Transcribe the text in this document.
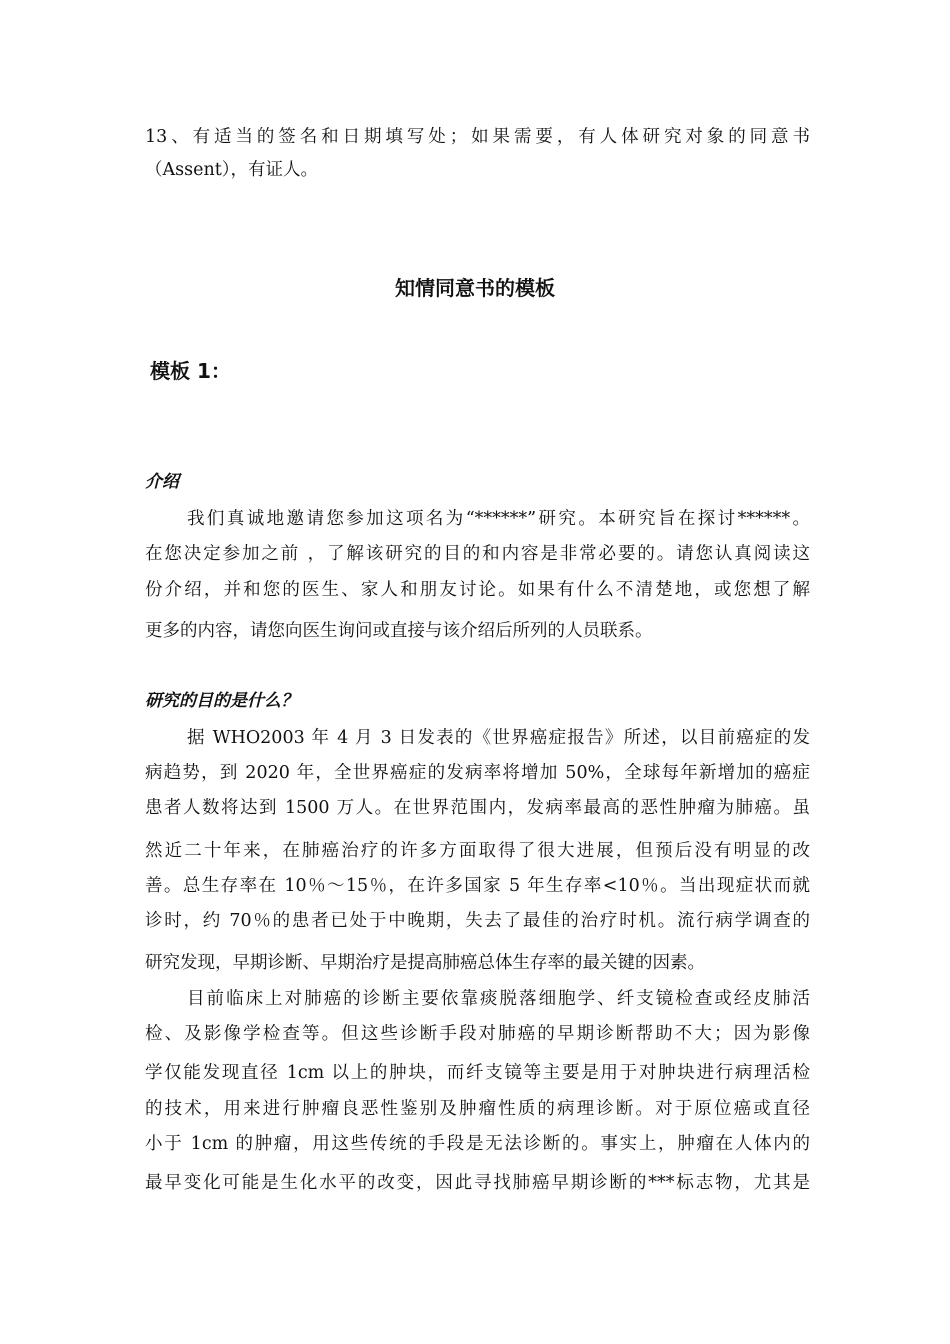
13、有适当的签名和日期填写处；如果需要，有人体研究对象的同意书
（Assent），有证人。
知情同意书的模板
模板 1：
介绍
我们真诚地邀请您参加这项名为“******”研究。本研究旨在探讨******。
在您决定参加之前 ，了解该研究的目的和内容是非常必要的。请您认真阅读这
份介绍，并和您的医生、家人和朋友讨论。如果有什么不清楚地，或您想了解
更多的内容，请您向医生询问或直接与该介绍后所列的人员联系。
研究的目的是什么？
据 WHO2003 年 4 月 3 日发表的《世界癌症报告》所述，以目前癌症的发
病趋势，到 2020 年，全世界癌症的发病率将增加 50%，全球每年新增加的癌症
患者人数将达到 1500 万人。在世界范围内，发病率最高的恶性肿瘤为肺癌。虽
然近二十年来，在肺癌治疗的许多方面取得了很大进展，但预后没有明显的改
善。总生存率在 10％～15％，在许多国家 5 年生存率<10％。当出现症状而就
诊时，约 70％的患者已处于中晚期，失去了最佳的治疗时机。流行病学调查的
研究发现，早期诊断、早期治疗是提高肺癌总体生存率的最关键的因素。
目前临床上对肺癌的诊断主要依靠痰脱落细胞学、纤支镜检查或经皮肺活
检、及影像学检查等。但这些诊断手段对肺癌的早期诊断帮助不大；因为影像
学仅能发现直径 1cm 以上的肿块，而纤支镜等主要是用于对肿块进行病理活检
的技术，用来进行肿瘤良恶性鉴别及肿瘤性质的病理诊断。对于原位癌或直径
小于 1cm 的肿瘤，用这些传统的手段是无法诊断的。事实上，肿瘤在人体内的
最早变化可能是生化水平的改变，因此寻找肺癌早期诊断的***标志物，尤其是
